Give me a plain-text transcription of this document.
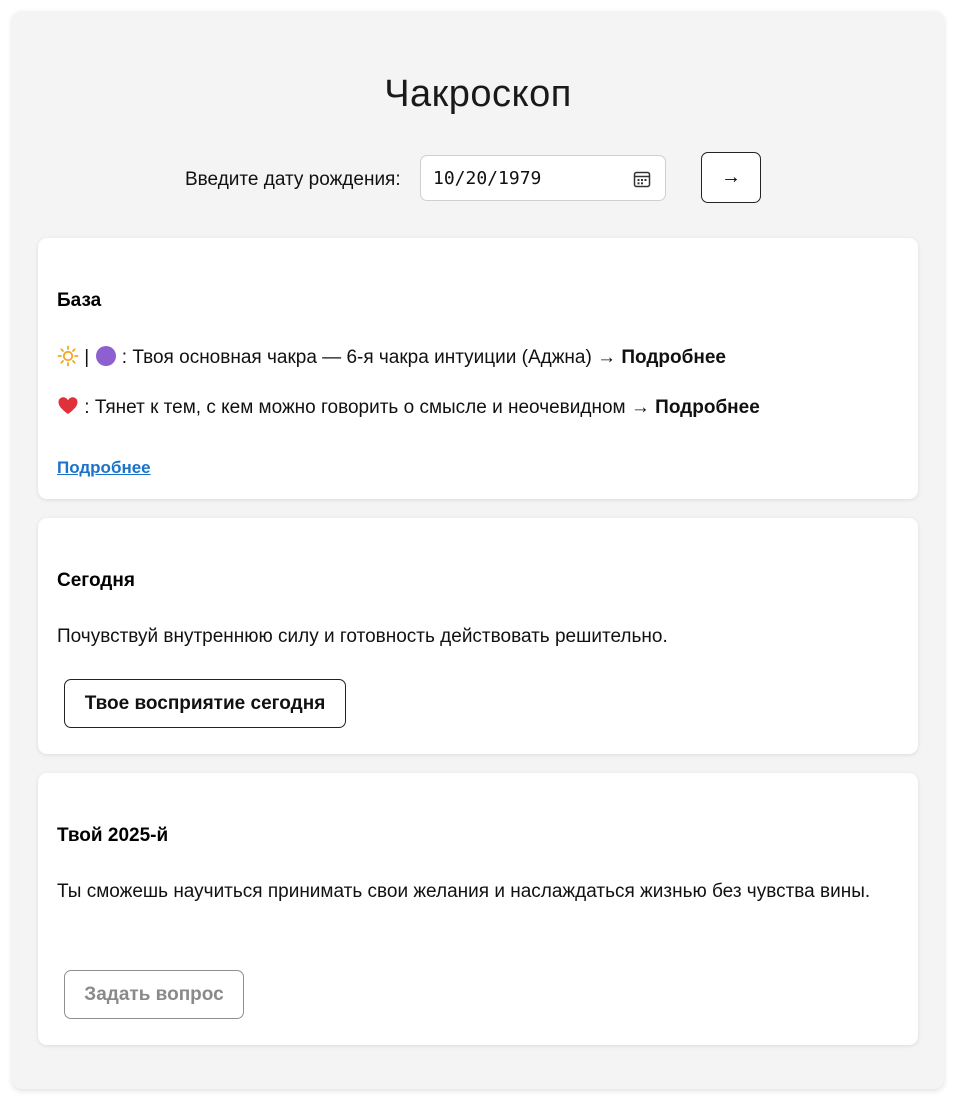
Чакроскоп
Введите дату рождения: 10/20/1979	→
База
| : Твоя основная чакра — 6-я чакра интуиции (Аджна) → Подробнее
: Тянет к тем, с кем можно говорить о смысле и неочевидном → Подробнее
Подробнее
Сегодня
Почувствуй внутреннюю силу и готовность действовать решительно.
Твое восприятие сегодня
Твой 2025-й
Ты сможешь научиться принимать свои желания и наслаждаться жизнью без чувства вины.
Задать вопрос
